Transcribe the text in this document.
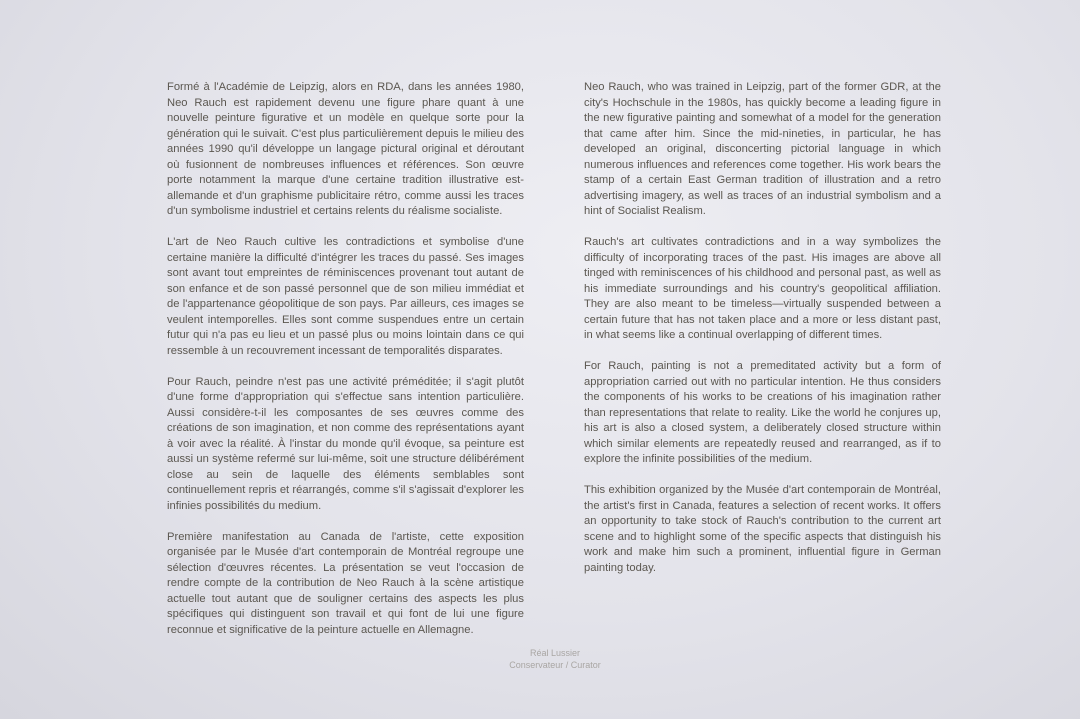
Formé à l'Académie de Leipzig, alors en RDA, dans les années 1980, Neo Rauch est rapidement devenu une figure phare quant à une nouvelle peinture figurative et un modèle en quelque sorte pour la génération qui le suivait. C'est plus particulièrement depuis le milieu des années 1990 qu'il développe un langage pictural original et déroutant où fusionnent de nombreuses influences et références. Son œuvre porte notamment la marque d'une certaine tradition illustrative est-allemande et d'un graphisme publicitaire rétro, comme aussi les traces d'un symbolisme industriel et certains relents du réalisme socialiste.

L'art de Neo Rauch cultive les contradictions et symbolise d'une certaine manière la difficulté d'intégrer les traces du passé. Ses images sont avant tout empreintes de réminiscences provenant tout autant de son enfance et de son passé personnel que de son milieu immédiat et de l'appartenance géopolitique de son pays. Par ailleurs, ces images se veulent intemporelles. Elles sont comme suspendues entre un certain futur qui n'a pas eu lieu et un passé plus ou moins lointain dans ce qui ressemble à un recouvrement incessant de temporalités disparates.

Pour Rauch, peindre n'est pas une activité préméditée; il s'agit plutôt d'une forme d'appropriation qui s'effectue sans intention particulière. Aussi considère-t-il les composantes de ses œuvres comme des créations de son imagination, et non comme des représentations ayant à voir avec la réalité. À l'instar du monde qu'il évoque, sa peinture est aussi un système refermé sur lui-même, soit une structure délibérément close au sein de laquelle des éléments semblables sont continuellement repris et réarrangés, comme s'il s'agissait d'explorer les infinies possibilités du medium.

Première manifestation au Canada de l'artiste, cette exposition organisée par le Musée d'art contemporain de Montréal regroupe une sélection d'œuvres récentes. La présentation se veut l'occasion de rendre compte de la contribution de Neo Rauch à la scène artistique actuelle tout autant que de souligner certains des aspects les plus spécifiques qui distinguent son travail et qui font de lui une figure reconnue et significative de la peinture actuelle en Allemagne.

Neo Rauch, who was trained in Leipzig, part of the former GDR, at the city's Hochschule in the 1980s, has quickly become a leading figure in the new figurative painting and somewhat of a model for the generation that came after him. Since the mid-nineties, in particular, he has developed an original, disconcerting pictorial language in which numerous influences and references come together. His work bears the stamp of a certain East German tradition of illustration and a retro advertising imagery, as well as traces of an industrial symbolism and a hint of Socialist Realism.

Rauch's art cultivates contradictions and in a way symbolizes the difficulty of incorporating traces of the past. His images are above all tinged with reminiscences of his childhood and personal past, as well as his immediate surroundings and his country's geopolitical affiliation. They are also meant to be timeless—virtually suspended between a certain future that has not taken place and a more or less distant past, in what seems like a continual overlapping of different times.

For Rauch, painting is not a premeditated activity but a form of appropriation carried out with no particular intention. He thus considers the components of his works to be creations of his imagination rather than representations that relate to reality. Like the world he conjures up, his art is also a closed system, a deliberately closed structure within which similar elements are repeatedly reused and rearranged, as if to explore the infinite possibilities of the medium.

This exhibition organized by the Musée d'art contemporain de Montréal, the artist's first in Canada, features a selection of recent works. It offers an opportunity to take stock of Rauch's contribution to the current art scene and to highlight some of the specific aspects that distinguish his work and make him such a prominent, influential figure in German painting today.

Réal Lussier
Conservateur / Curator
